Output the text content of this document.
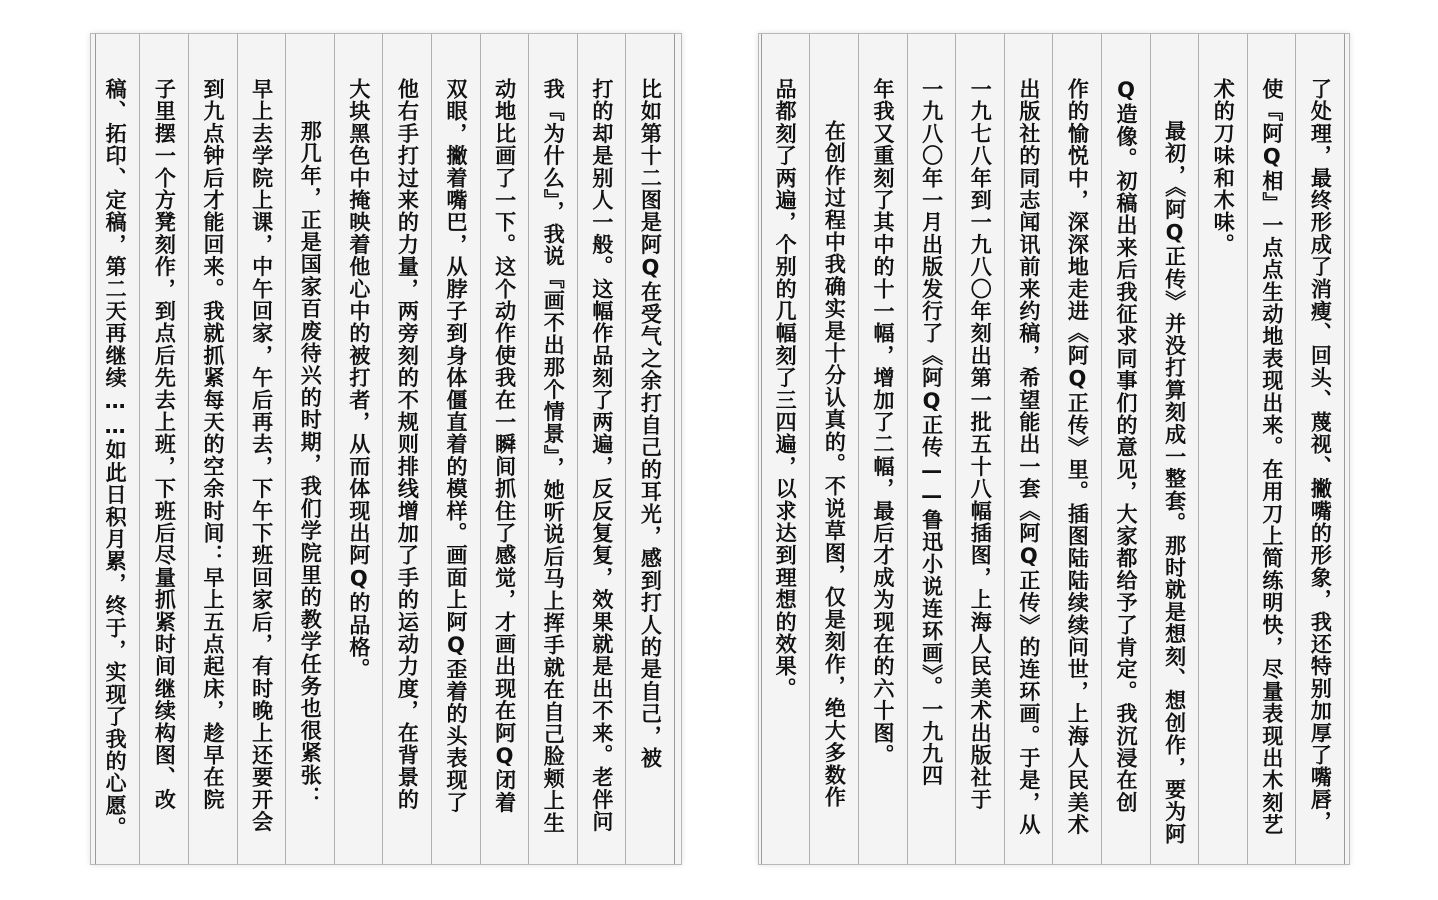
比如第十二图是阿Q在受气之余打自己的耳光，感到打人的是自己，被
打的却是别人一般。这幅作品刻了两遍，反反复复，效果就是出不来。老伴问
我『为什么』，我说『画不出那个情景』，她听说后马上挥手就在自己脸颊上生
动地比画了一下。这个动作使我在一瞬间抓住了感觉，才画出现在阿Q闭着
双眼，撇着嘴巴，从脖子到身体僵直着的模样。画面上阿Q歪着的头表现了
他右手打过来的力量，两旁刻的不规则排线增加了手的运动力度，在背景的
大块黑色中掩映着他心中的被打者，从而体现出阿Q的品格。
那几年，正是国家百废待兴的时期，我们学院里的教学任务也很紧张：
早上去学院上课，中午回家，午后再去，下午下班回家后，有时晚上还要开会
到九点钟后才能回来。我就抓紧每天的空余时间：早上五点起床，趁早在院
子里摆一个方凳刻作，到点后先去上班，下班后尽量抓紧时间继续构图、改
稿、拓印、定稿，第二天再继续……如此日积月累，终于，实现了我的心愿。	了处理，最终形成了消瘦、回头、蔑视、撇嘴的形象，我还特别加厚了嘴唇，
使『阿Q相』一点点生动地表现出来。在用刀上简练明快，尽量表现出木刻艺
术的刀味和木味。
最初，《阿Q正传》并没打算刻成一整套。那时就是想刻、想创作，要为阿
Q造像。初稿出来后我征求同事们的意见，大家都给予了肯定。我沉浸在创
作的愉悦中，深深地走进《阿Q正传》里。插图陆陆续续问世，上海人民美术
出版社的同志闻讯前来约稿，希望能出一套《阿Q正传》的连环画。于是，从
一九七八年到一九八〇年刻出第一批五十八幅插图，上海人民美术出版社于
一九八〇年一月出版发行了《阿Q正传——鲁迅小说连环画》。一九九四
年我又重刻了其中的十一幅，增加了二幅，最后才成为现在的六十图。
在创作过程中我确实是十分认真的。不说草图，仅是刻作，绝大多数作
品都刻了两遍，个别的几幅刻了三四遍，以求达到理想的效果。
